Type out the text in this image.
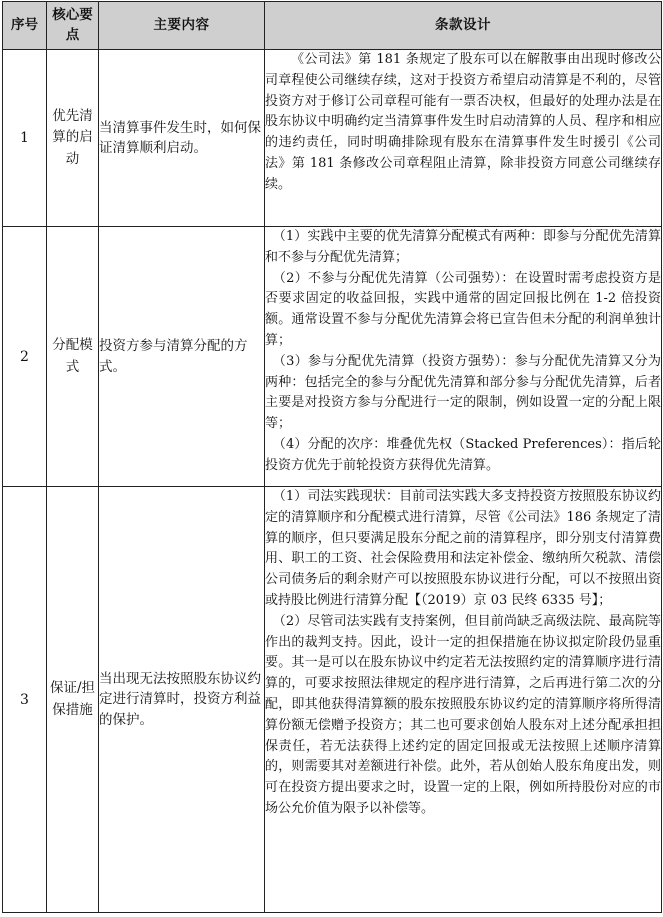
序号	核心要点	主要内容	条款设计
1	优先清算的启动	当清算事件发生时，如何保证清算顺利启动。	《公司法》第 181 条规定了股东可以在解散事由出现时修改公司章程使公司继续存续，这对于投资方希望启动清算是不利的，尽管投资方对于修订公司章程可能有一票否决权，但最好的处理办法是在股东协议中明确约定当清算事件发生时启动清算的人员、程序和相应的违约责任，同时明确排除现有股东在清算事件发生时援引《公司法》第 181 条修改公司章程阻止清算，除非投资方同意公司继续存续。

2	分配模式	投资方参与清算分配的方式。	（1）实践中主要的优先清算分配模式有两种：即参与分配优先清算和不参与分配优先清算；

（2）不参与分配优先清算（公司强势）：在设置时需考虑投资方是否要求固定的收益回报，实践中通常的固定回报比例在 1-2 倍投资额。通常设置不参与分配优先清算会将已宣告但未分配的利润单独计算；

（3）参与分配优先清算（投资方强势）：参与分配优先清算又分为两种：包括完全的参与分配优先清算和部分参与分配优先清算，后者主要是对投资方参与分配进行一定的限制，例如设置一定的分配上限等；

（4）分配的次序：堆叠优先权（Stacked Preferences）：指后轮投资方优先于前轮投资方获得优先清算。

3	保证/担保措施	当出现无法按照股东协议约定进行清算时，投资方利益的保护。	（1）司法实践现状：目前司法实践大多支持投资方按照股东协议约定的清算顺序和分配模式进行清算，尽管《公司法》186 条规定了清算的顺序，但只要满足股东分配之前的清算程序，即分别支付清算费用、职工的工资、社会保险费用和法定补偿金、缴纳所欠税款、清偿公司债务后的剩余财产可以按照股东协议进行分配，可以不按照出资或持股比例进行清算分配【（2019）京 03 民终 6335 号】；

（2）尽管司法实践有支持案例，但目前尚缺乏高级法院、最高院等作出的裁判支持。因此，设计一定的担保措施在协议拟定阶段仍显重要。其一是可以在股东协议中约定若无法按照约定的清算顺序进行清算的，可要求按照法律规定的程序进行清算，之后再进行第二次的分配，即其他获得清算额的股东按照股东协议约定的清算顺序将所得清算份额无偿赠予投资方；其二也可要求创始人股东对上述分配承担担保责任，若无法获得上述约定的固定回报或无法按照上述顺序清算的，则需要其对差额进行补偿。此外，若从创始人股东角度出发，则可在投资方提出要求之时，设置一定的上限，例如所持股份对应的市场公允价值为限予以补偿等。
